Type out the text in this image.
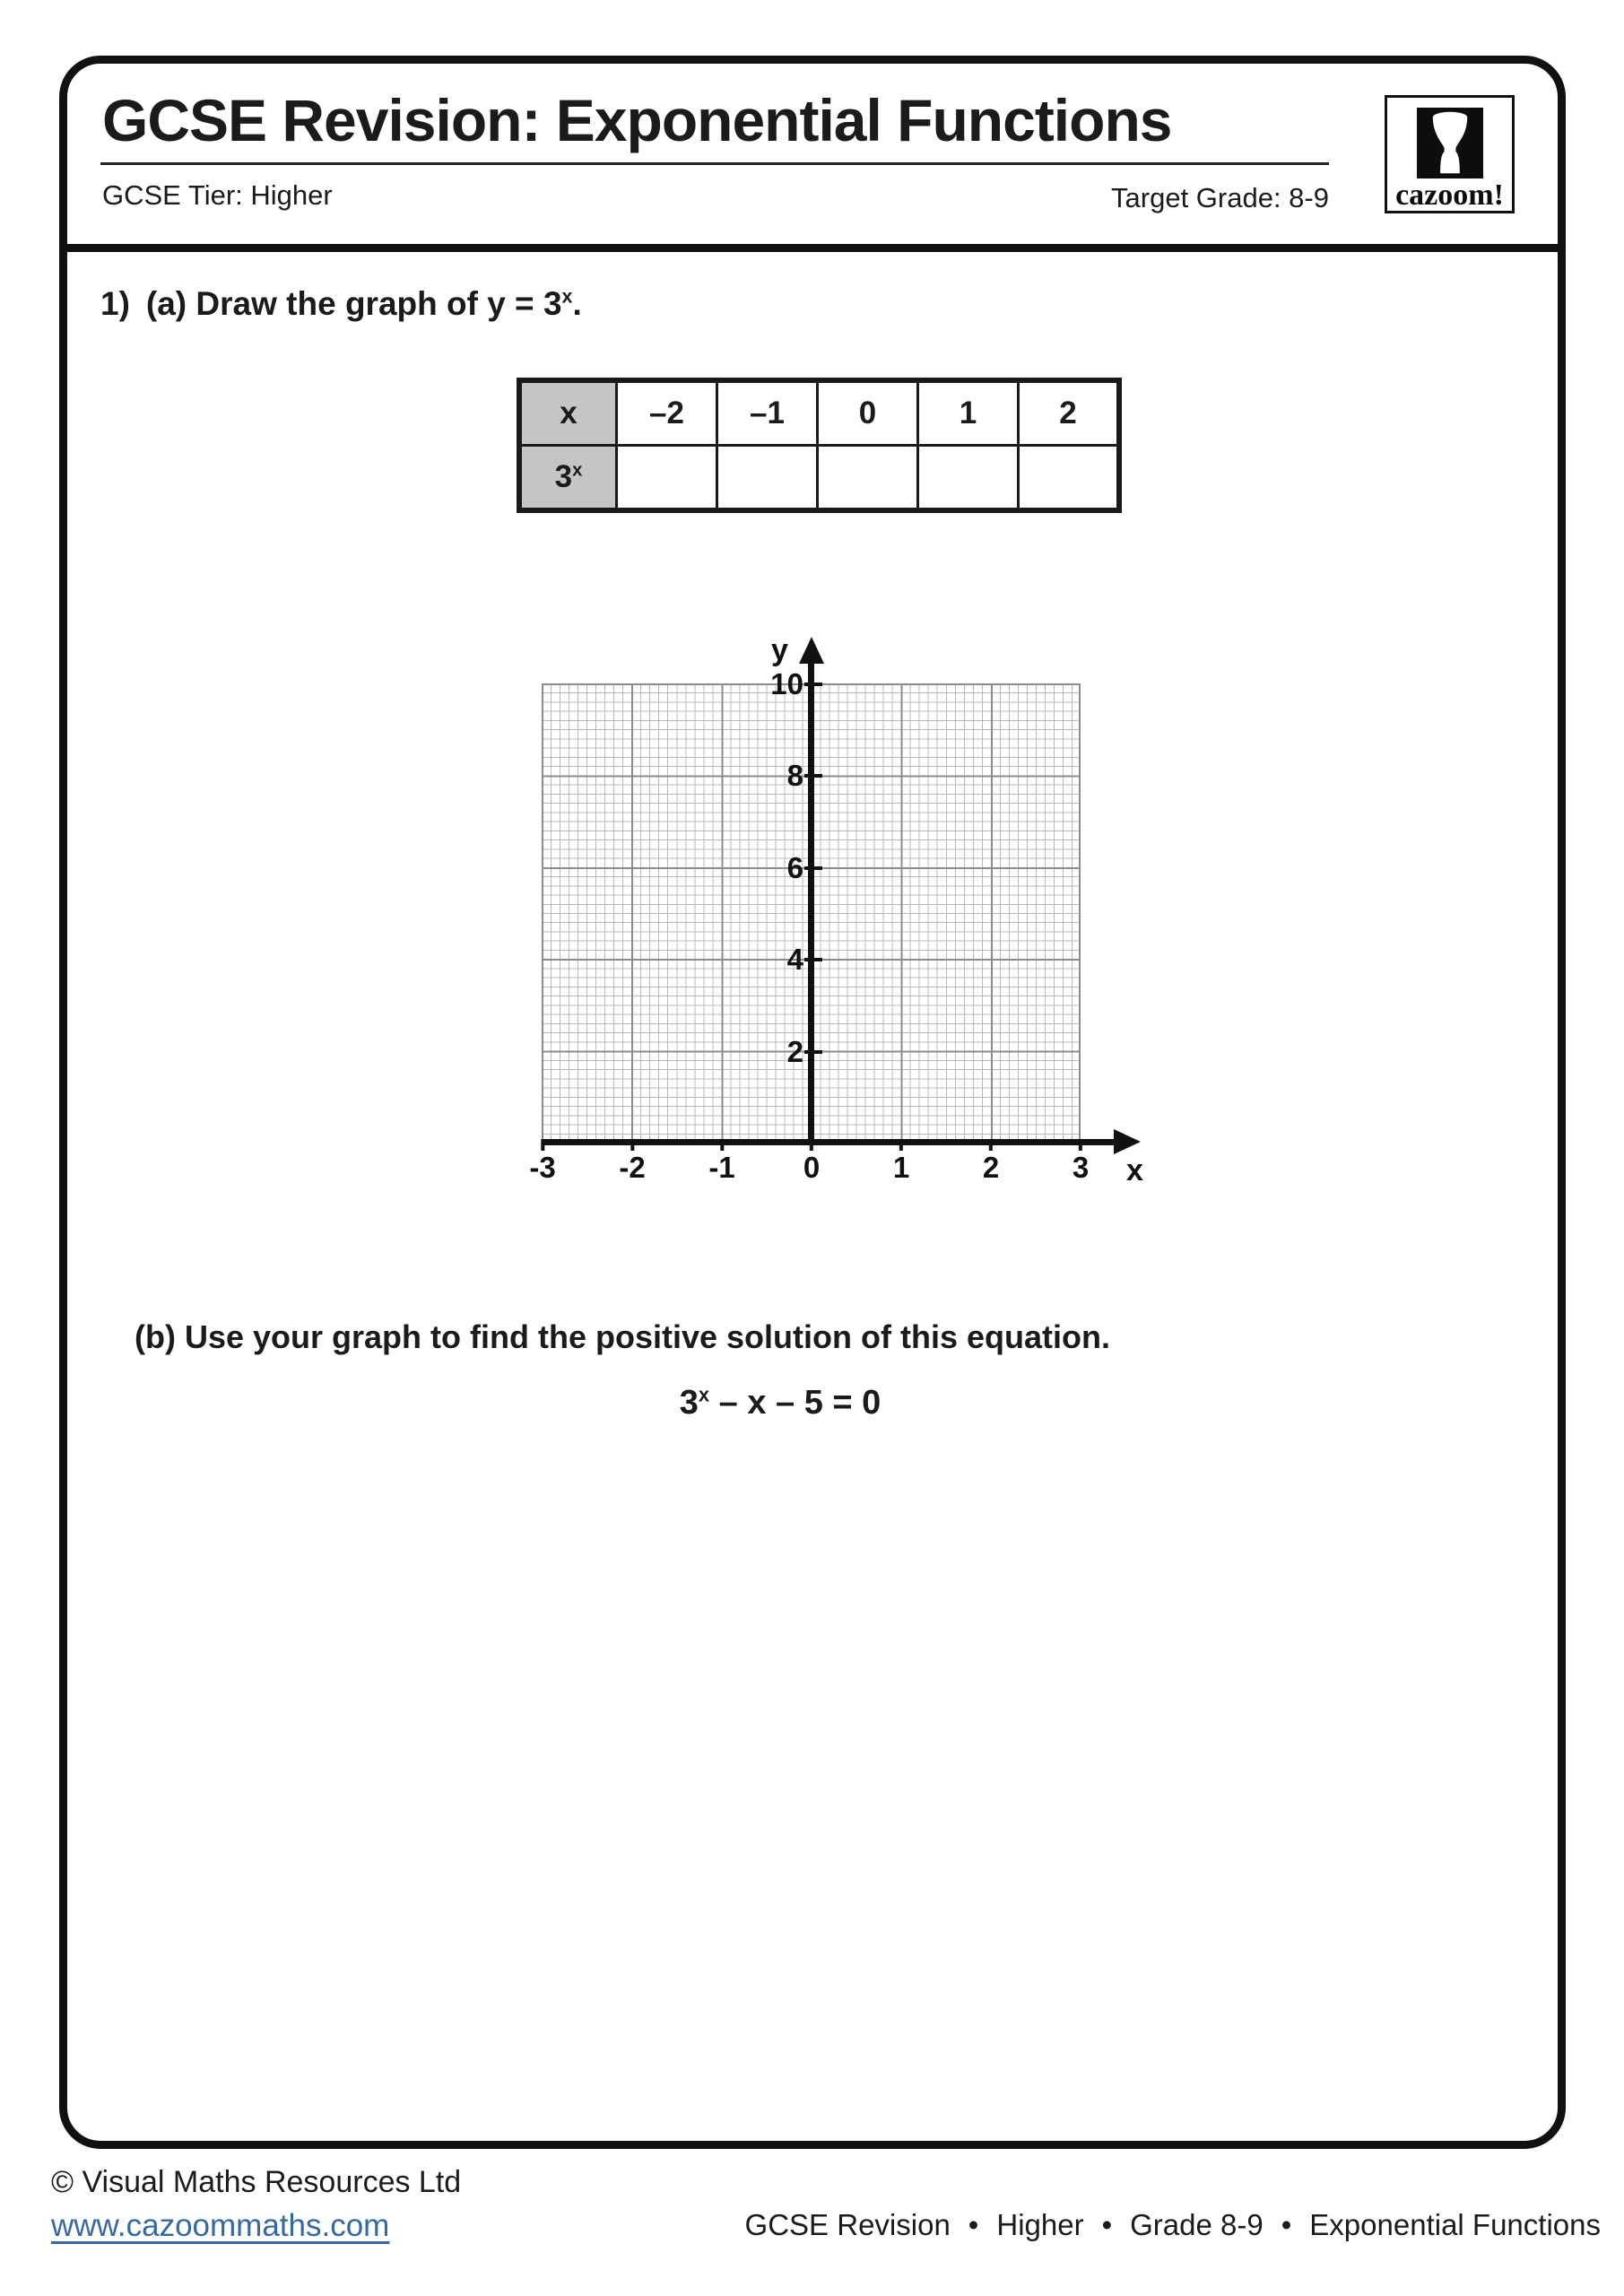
GCSE Revision: Exponential Functions
GCSE Tier: Higher	Target Grade: 8-9 cazoom!
1) (a) Draw the graph of $y = 3^x$.
x	–2	–1	0	1	2
3$^x$					
y
x
-3 -2 -1 0 1 2 3
10
8
6
4
2
(b) Use your graph to find the positive solution of this equation.
3$^x$ – x – 5 = 0
© Visual Maths Resources Ltd
www.cazoommaths.com	GCSE Revision • Higher • Grade 8-9 • Exponential Functions
